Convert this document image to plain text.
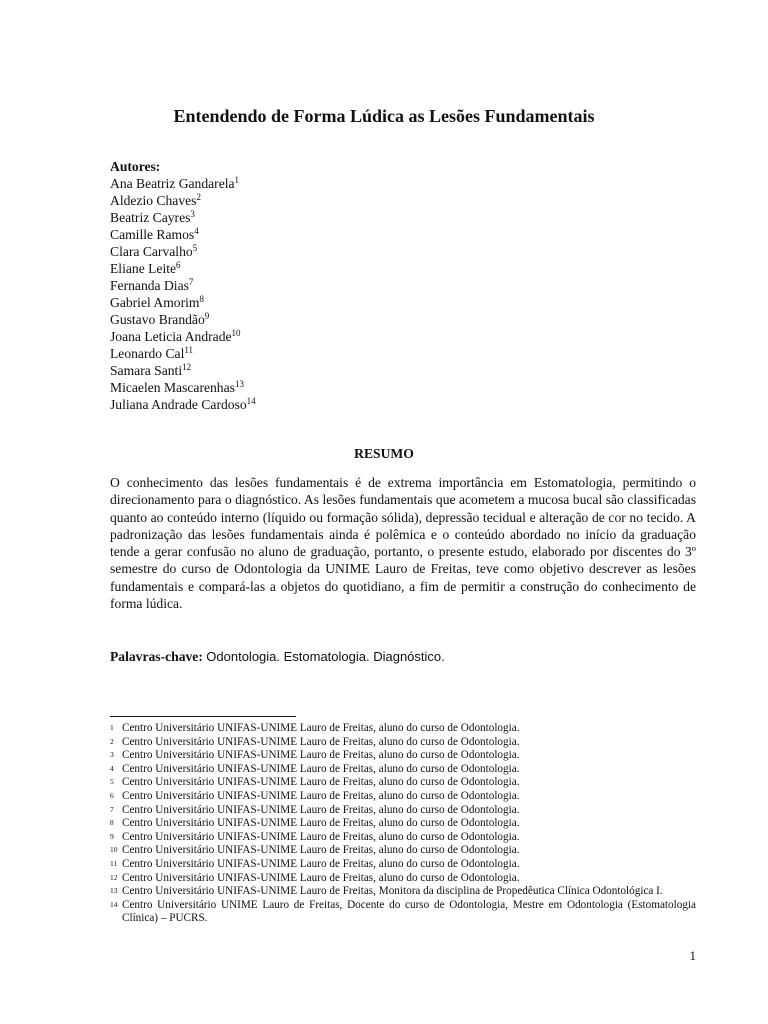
Entendendo de Forma Lúdica as Lesões Fundamentais
Autores:
Ana Beatriz Gandarela$^1$
Aldezio Chaves$^2$
Beatriz Cayres$^3$
Camille Ramos$^4$
Clara Carvalho$^5$
Eliane Leite$^6$
Fernanda Dias$^7$
Gabriel Amorim$^8$
Gustavo Brandão$^9$
Joana Leticia Andrade$^{10}$
Leonardo Cal$^{11}$
Samara Santi$^{12}$
Micaelen Mascarenhas$^{13}$
Juliana Andrade Cardoso$^{14}$
RESUMO
O conhecimento das lesões fundamentais é de extrema importância em Estomatologia, permitindo o direcionamento para o diagnóstico. As lesões fundamentais que acometem a mucosa bucal são classificadas quanto ao conteúdo interno (líquido ou formação sólida), depressão tecidual e alteração de cor no tecido. A padronização das lesões fundamentais ainda é polêmica e o conteúdo abordado no início da graduação tende a gerar confusão no aluno de graduação, portanto, o presente estudo, elaborado por discentes do 3º semestre do curso de Odontologia da UNIME Lauro de Freitas, teve como objetivo descrever as lesões fundamentais e compará-las a objetos do quotidiano, a fim de permitir a construção do conhecimento de forma lúdica.
Palavras-chave: Odontologia. Estomatologia. Diagnóstico.
1 Centro Universitário UNIFAS-UNIME Lauro de Freitas, aluno do curso de Odontologia.
2 Centro Universitário UNIFAS-UNIME Lauro de Freitas, aluno do curso de Odontologia.
3 Centro Universitário UNIFAS-UNIME Lauro de Freitas, aluno do curso de Odontologia.
4 Centro Universitário UNIFAS-UNIME Lauro de Freitas, aluno do curso de Odontologia.
5 Centro Universitário UNIFAS-UNIME Lauro de Freitas, aluno do curso de Odontologia.
6 Centro Universitário UNIFAS-UNIME Lauro de Freitas, aluno do curso de Odontologia.
7 Centro Universitário UNIFAS-UNIME Lauro de Freitas, aluno do curso de Odontologia.
8 Centro Universitário UNIFAS-UNIME Lauro de Freitas, aluno do curso de Odontologia.
9 Centro Universitário UNIFAS-UNIME Lauro de Freitas, aluno do curso de Odontologia.
10 Centro Universitário UNIFAS-UNIME Lauro de Freitas, aluno do curso de Odontologia.
11 Centro Universitário UNIFAS-UNIME Lauro de Freitas, aluno do curso de Odontologia.
12 Centro Universitário UNIFAS-UNIME Lauro de Freitas, aluno do curso de Odontologia.
13 Centro Universitário UNIFAS-UNIME Lauro de Freitas, Monitora da disciplina de Propedêutica Clínica Odontológica I.
14 Centro Universitário UNIME Lauro de Freitas, Docente do curso de Odontologia, Mestre em Odontologia (Estomatologia Clínica) – PUCRS.
1
